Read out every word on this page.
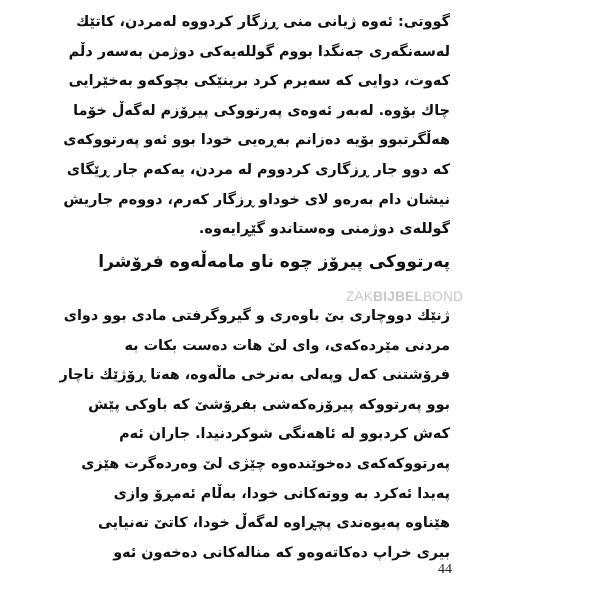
گووتی: ئەوە ژیانی منی ڕزگار کردووە لەمردن، کاتێك
لەسەنگەری جەنگدا بووم گوللەیەکی دوژمن بەسەر دڵم
کەوت، دوایی کە سەیرم کرد برینێکی بچوکەو بەخێرایی
چاك بۆوە. لەبەر ئەوەی پەرتووکی پیرۆزم لەگەڵ خۆما
هەڵگرتبوو بۆیە دەزانم بەڕەیی خودا بوو ئەو پەرتووکەی
کە دوو جار ڕزگاری کردووم لە مردن، یەکەم جار ڕێگای
نیشان دام بەرەو لای خوداو ڕزگار کەرم، دووەم جاریش
گوللەی دوژمنی وەستاندو گێڕایەوە.
پەرتووکی پیرۆز چوە ناو مامەڵەوە فرۆشرا
ZAKBIJBELBOND
ژنێك دووچاری بێ باوەری و گیروگرفتی مادی بوو دوای
مردنی مێردەکەی، وای لێ هات دەست بکات بە
فرۆشتنی کەل وپەلی بەنرخی ماڵەوە، هەتا ڕۆژێك ناچار
بوو پەرتووکە پیرۆزەکەشی بفرۆشێ کە باوکی پێش
کەش کردبوو لە ئاهەنگی شوکردنیدا. جاران ئەم
پەرتووکەکەی دەخوێندەوە چێژی لێ وەردەگرت هێزی
پەیدا ئەکرد بە ووتەکانی خودا، بەڵام ئەمڕۆ وازی
هێناوە پەیوەندی پچڕاوە لەگەڵ خودا، کاتێ تەنیایی
بیری خراپ دەکاتەوەو کە منالەکانی دەخەون ئەو
44
